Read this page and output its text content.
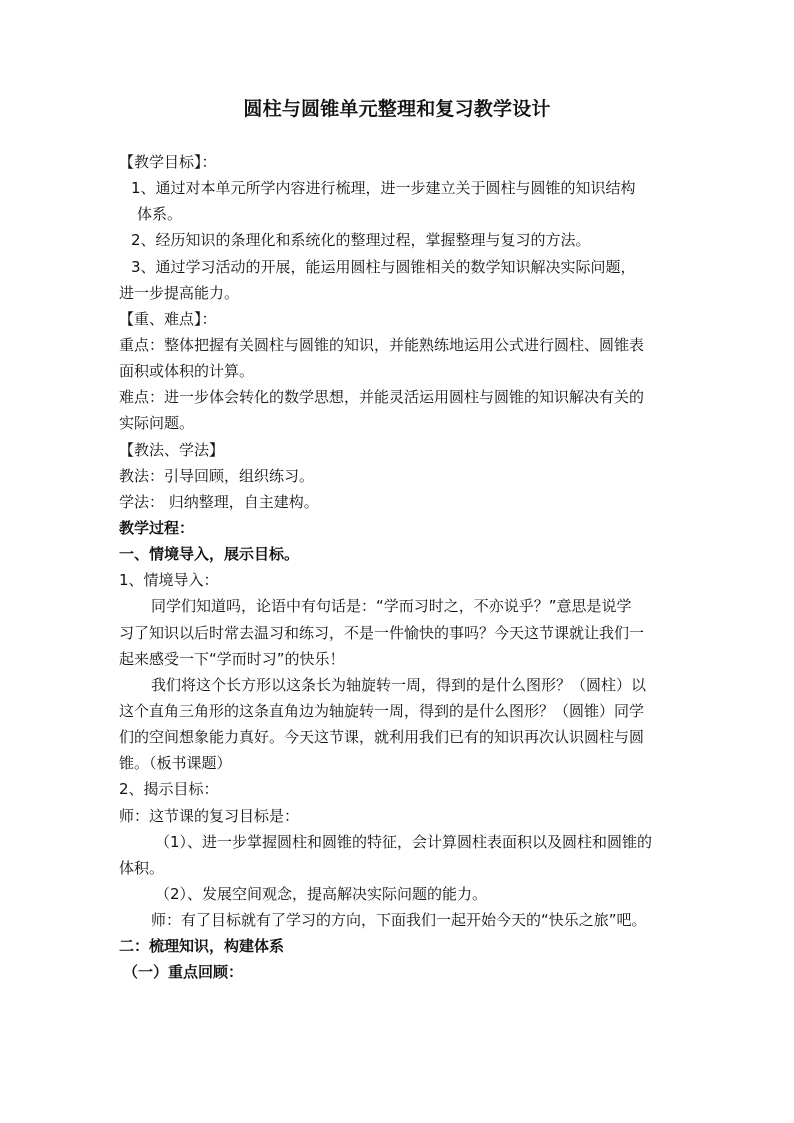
圆柱与圆锥单元整理和复习教学设计
【教学目标】：
1、通过对本单元所学内容进行梳理，进一步建立关于圆柱与圆锥的知识结构
体系。
2、经历知识的条理化和系统化的整理过程，掌握整理与复习的方法。
3、通过学习活动的开展，能运用圆柱与圆锥相关的数学知识解决实际问题，
进一步提高能力。
【重、难点】：
重点：整体把握有关圆柱与圆锥的知识，并能熟练地运用公式进行圆柱、圆锥表
面积或体积的计算。
难点：进一步体会转化的数学思想，并能灵活运用圆柱与圆锥的知识解决有关的
实际问题。
【教法、学法】
教法：引导回顾，组织练习。
学法： 归纳整理，自主建构。
教学过程：
一、情境导入，展示目标。
1、情境导入：
同学们知道吗，论语中有句话是：“学而习时之，不亦说乎？”意思是说学
习了知识以后时常去温习和练习，不是一件愉快的事吗？今天这节课就让我们一
起来感受一下“学而时习”的快乐！
我们将这个长方形以这条长为轴旋转一周，得到的是什么图形？（圆柱）以
这个直角三角形的这条直角边为轴旋转一周，得到的是什么图形？（圆锥）同学
们的空间想象能力真好。今天这节课，就利用我们已有的知识再次认识圆柱与圆
锥。（板书课题）
2、揭示目标：
师：这节课的复习目标是：
（1）、进一步掌握圆柱和圆锥的特征，会计算圆柱表面积以及圆柱和圆锥的
体积。
（2）、发展空间观念，提高解决实际问题的能力。
师：有了目标就有了学习的方向，下面我们一起开始今天的“快乐之旅”吧。
二：梳理知识，构建体系
（一）重点回顾：
